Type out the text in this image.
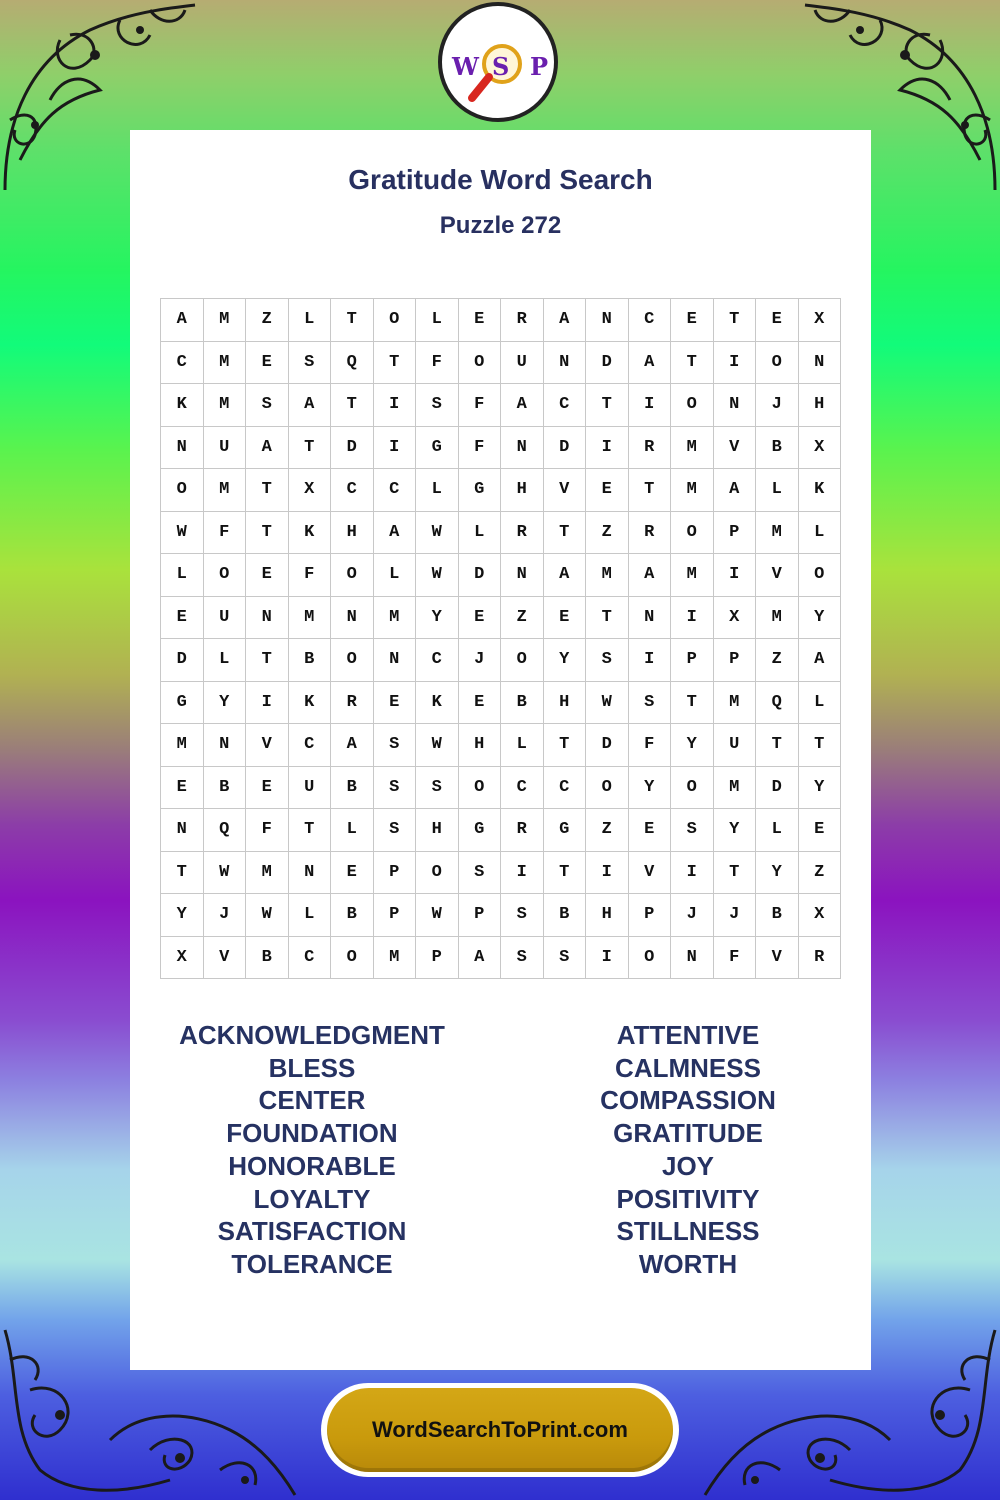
W S P
Gratitude Word Search
Puzzle 272
A	M	Z	L	T	O	L	E	R	A	N	C	E	T	E	X
C	M	E	S	Q	T	F	O	U	N	D	A	T	I	O	N
K	M	S	A	T	I	S	F	A	C	T	I	O	N	J	H
N	U	A	T	D	I	G	F	N	D	I	R	M	V	B	X
O	M	T	X	C	C	L	G	H	V	E	T	M	A	L	K
W	F	T	K	H	A	W	L	R	T	Z	R	O	P	M	L
L	O	E	F	O	L	W	D	N	A	M	A	M	I	V	O
E	U	N	M	N	M	Y	E	Z	E	T	N	I	X	M	Y
D	L	T	B	O	N	C	J	O	Y	S	I	P	P	Z	A
G	Y	I	K	R	E	K	E	B	H	W	S	T	M	Q	L
M	N	V	C	A	S	W	H	L	T	D	F	Y	U	T	T
E	B	E	U	B	S	S	O	C	C	O	Y	O	M	D	Y
N	Q	F	T	L	S	H	G	R	G	Z	E	S	Y	L	E
T	W	M	N	E	P	O	S	I	T	I	V	I	T	Y	Z
Y	J	W	L	B	P	W	P	S	B	H	P	J	J	B	X
X	V	B	C	O	M	P	A	S	S	I	O	N	F	V	R
ACKNOWLEDGMENT
BLESS
CENTER
FOUNDATION
HONORABLE
LOYALTY
SATISFACTION
TOLERANCE
ATTENTIVE
CALMNESS
COMPASSION
GRATITUDE
JOY
POSITIVITY
STILLNESS
WORTH
WordSearchToPrint.com
